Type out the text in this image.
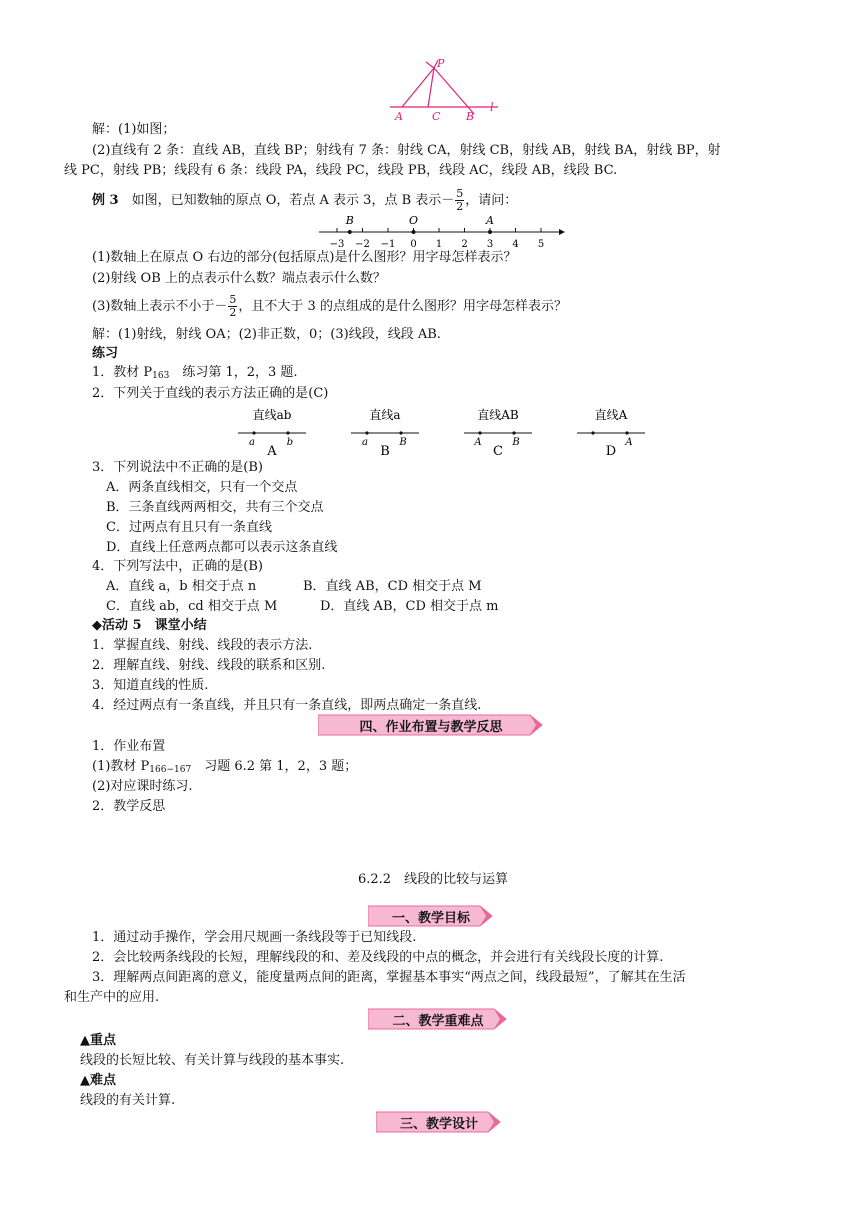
P
A	C B
l
解：(1)如图；
(2)直线有 2 条：直线 AB，直线 BP；射线有 7 条：射线 CA，射线 CB，射线 AB，射线 BA，射线 BP，射
线 PC，射线 PB；线段有 6 条：线段 PA，线段 PC，线段 PB，线段 AC，线段 AB，线段 BC.
例 3　 如图，已知数轴的原点 O，若点 A 表示 3，点 B 表示－ $\frac{5}{2}$ ，请问：
−3 −2 −1 0 1 2 3 4 5
B	O	A
(1)数轴上在原点 O 右边的部分(包括原点)是什么图形？用字母怎样表示？
(2)射线 OB 上的点表示什么数？端点表示什么数？
(3)数轴上表示不小于－ $\frac{5}{2}$ ，且不大于 3 的点组成的是什么图形？用字母怎样表示？
解：(1)射线，射线 OA；(2)非正数，0；(3)线段，线段 AB.
练习
1．教材 $P_{163}$　练习第 1，2，3 题.
2．下列关于直线的表示方法正确的是(C)
直线ab
a	b
A
直线a
a	B
B
直线AB
A	B
C
直线A
A
D
3．下列说法中不正确的是(B)
A．两条直线相交，只有一个交点
B．三条直线两两相交，共有三个交点
C．过两点有且只有一条直线
D．直线上任意两点都可以表示这条直线
4．下列写法中，正确的是(B)
A．直线 a，b 相交于点 n	B．直线 AB，CD 相交于点 M
C．直线 ab，cd 相交于点 M	D．直线 AB，CD 相交于点 m
◆活动 5　课堂小结
1．掌握直线、射线、线段的表示方法.
2．理解直线、射线、线段的联系和区别.
3．知道直线的性质.
4．经过两点有一条直线，并且只有一条直线，即两点确定一条直线.
四、作业布置与教学反思
1．作业布置
(1)教材 $P_{166-167}$　习题 6.2 第 1，2，3 题；
(2)对应课时练习.
2．教学反思
6.2.2　线段的比较与运算
一、教学目标
1．通过动手操作，学会用尺规画一条线段等于已知线段.
2．会比较两条线段的长短，理解线段的和、差及线段的中点的概念，并会进行有关线段长度的计算.
3．理解两点间距离的意义，能度量两点间的距离，掌握基本事实“两点之间，线段最短”，了解其在生活
和生产中的应用.
二、教学重难点
▲重点
线段的长短比较、有关计算与线段的基本事实.
▲难点
线段的有关计算.
三、教学设计
